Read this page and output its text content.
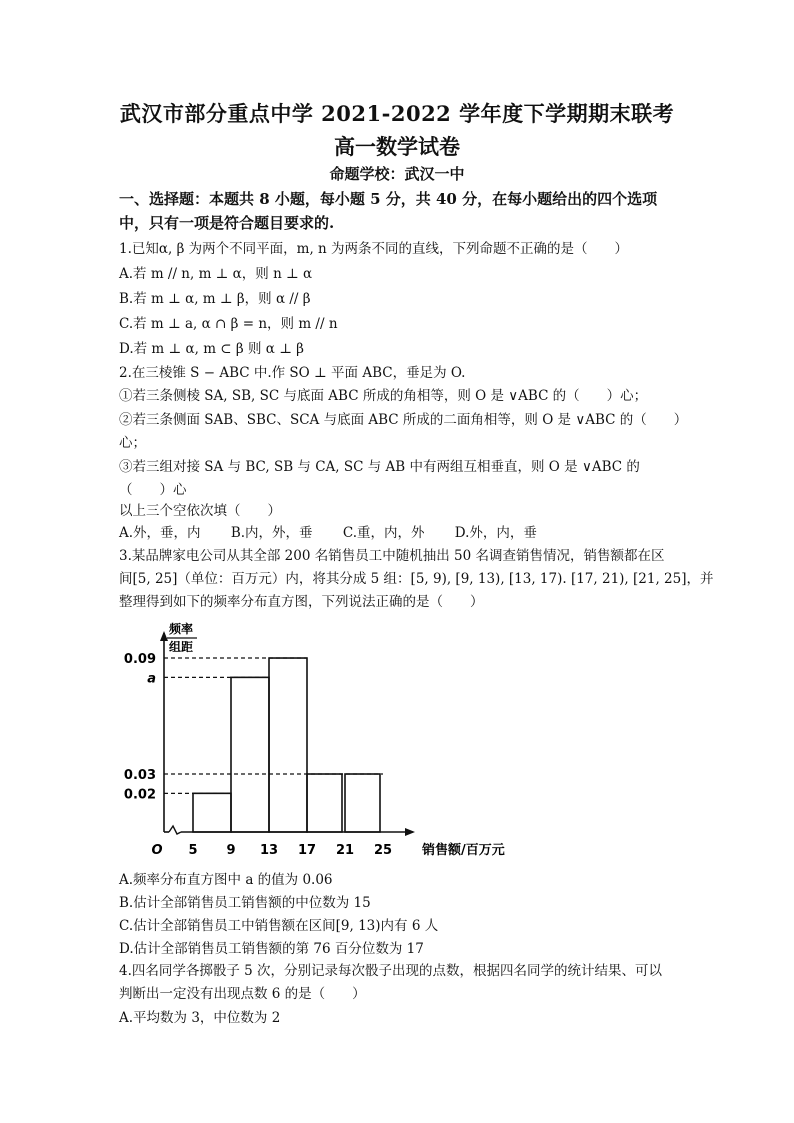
武汉市部分重点中学 2021-2022 学年度下学期期末联考
高一数学试卷
命题学校：武汉一中
一、选择题：本题共 8 小题，每小题 5 分，共 40 分，在每小题给出的四个选项中，只有一项是符合题目要求的.
1.已知α, β 为两个不同平面，m, n 为两条不同的直线，下列命题不正确的是（　　）
A.若 m // n, m ⊥ α，则 n ⊥ α
B.若 m ⊥ α, m ⊥ β，则 α // β
C.若 m ⊥ a, α ∩ β = n，则 m // n
D.若 m ⊥ α, m ⊂ β 则 α ⊥ β
2.在三棱锥 S − ABC 中.作 SO ⊥ 平面 ABC，垂足为 O.
①若三条侧棱 SA, SB, SC 与底面 ABC 所成的角相等，则 O 是 ∨ABC 的（　　）心；
②若三条侧面 SAB、SBC、SCA 与底面 ABC 所成的二面角相等，则 O 是 ∨ABC 的（　　）
心；
③若三组对接 SA 与 BC, SB 与 CA, SC 与 AB 中有两组互相垂直，则 O 是 ∨ABC 的
（　　）心
以上三个空依次填（　　）
A.外，垂，内 B.内，外，垂 C.重，内，外 D.外，内，垂
3.某品牌家电公司从其全部 200 名销售员工中随机抽出 50 名调查销售情况，销售额都在区
间[5, 25]（单位：百万元）内，将其分成 5 组：[5, 9), [9, 13), [13, 17). [17, 21), [21, 25]，并
整理得到如下的频率分布直方图，下列说法正确的是（　　）
频率
组距
0.09
a
0.03
0.02
O 5 9 13 17 21 25 销售额/百万元
A.频率分布直方图中 a 的值为 0.06
B.估计全部销售员工销售额的中位数为 15
C.估计全部销售员工中销售额在区间[9, 13)内有 6 人
D.估计全部销售员工销售额的第 76 百分位数为 17
4.四名同学各掷骰子 5 次，分别记录每次骰子出现的点数，根据四名同学的统计结果、可以
判断出一定没有出现点数 6 的是（　　）
A.平均数为 3，中位数为 2
